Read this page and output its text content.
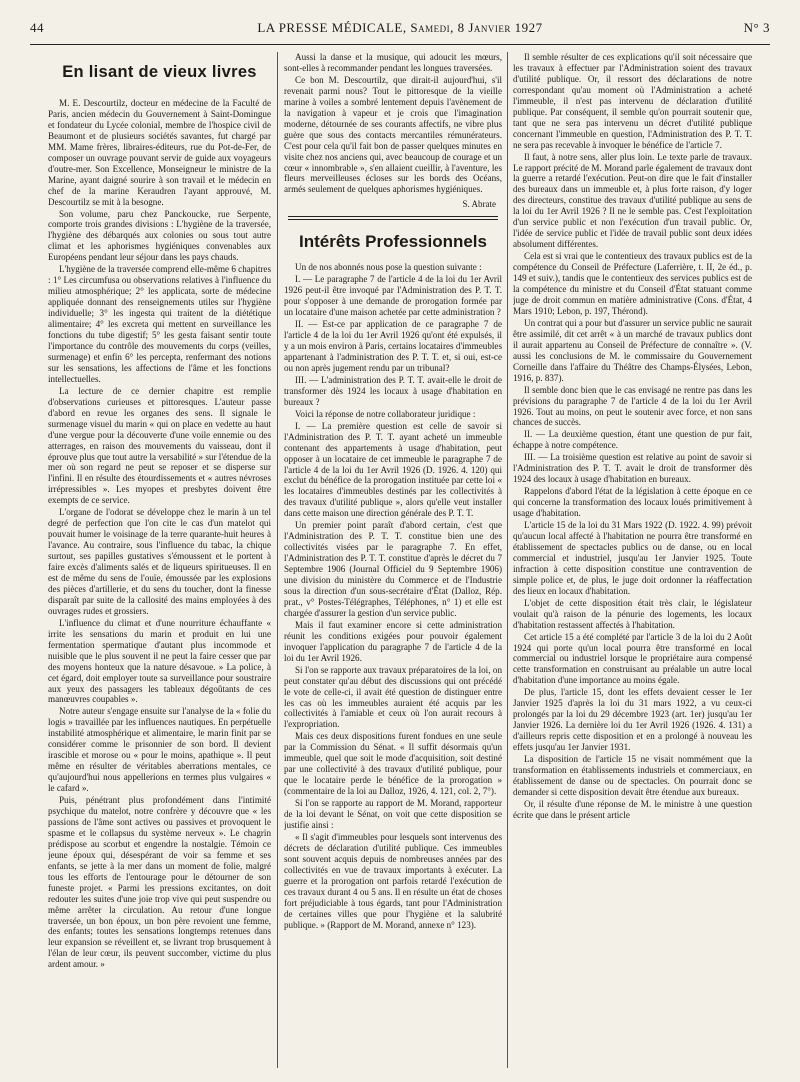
44	LA PRESSE MÉDICALE, Samedi, 8 Janvier 1927	N° 3
En lisant de vieux livres

M. E. Descourtilz, docteur en médecine de la Faculté de Paris, ancien médecin du Gouvernement à Saint-Domingue et fondateur du Lycée colonial, membre de l'hospice civil de Beaumont et de plusieurs sociétés savantes, fut chargé par MM. Mame frères, libraires-éditeurs, rue du Pot-de-Fer, de composer un ouvrage pouvant servir de guide aux voyageurs d'outre-mer. Son Excellence, Monseigneur le ministre de la Marine, ayant daigné sourire à son travail et le médecin en chef de la marine Keraudren l'ayant approuvé, M. Descourtilz se mit à la besogne.

Son volume, paru chez Panckoucke, rue Serpente, comporte trois grandes divisions : L'hygiène de la traversée, l'hygiène des débarqués aux colonies ou sous tout autre climat et les aphorismes hygiéniques convenables aux Européens pendant leur séjour dans les pays chauds.

L'hygiène de la traversée comprend elle-même 6 chapitres : 1° Les circumfusa ou observations relatives à l'influence du milieu atmosphérique; 2° les applicata, sorte de médecine appliquée donnant des renseignements utiles sur l'hygiène individuelle; 3° les ingesta qui traitent de la diététique alimentaire; 4° les excreta qui mettent en surveillance les fonctions du tube digestif; 5° les gesta faisant sentir toute l'importance du contrôle des mouvements du corps (veilles, surmenage) et enfin 6° les percepta, renfermant des notions sur les sensations, les affections de l'âme et les fonctions intellectuelles.

La lecture de ce dernier chapitre est remplie d'observations curieuses et pittoresques. L'auteur passe d'abord en revue les organes des sens. Il signale le surmenage visuel du marin « qui on place en vedette au haut d'une vergue pour la découverte d'une voile ennemie ou des atterrages, en raison des mouvements du vaisseau, dont il éprouve plus que tout autre la versabilité » sur l'étendue de la mer où son regard ne peut se reposer et se disperse sur l'infini. Il en résulte des étourdissements et « autres névroses irrépressibles ». Les myopes et presbytes doivent être exempts de ce service.

L'organe de l'odorat se développe chez le marin à un tel degré de perfection que l'on cite le cas d'un matelot qui pouvait humer le voisinage de la terre quarante-huit heures à l'avance. Au contraire, sous l'influence du tabac, la chique surtout, ses papilles gustatives s'émoussent et le portent à faire excès d'aliments salés et de liqueurs spiritueuses. Il en est de même du sens de l'ouïe, émoussée par les explosions des pièces d'artillerie, et du sens du toucher, dont la finesse disparaît par suite de la callosité des mains employées à des ouvrages rudes et grossiers.

L'influence du climat et d'une nourriture échauffante « irrite les sensations du marin et produit en lui une fermentation spermatique d'autant plus incommode et nuisible que le plus souvent il ne peut la faire cesser que par des moyens honteux que la nature désavoue. » La police, à cet égard, doit employer toute sa surveillance pour soustraire aux yeux des passagers les tableaux dégoûtants de ces manœuvres coupables ».

Notre auteur s'engage ensuite sur l'analyse de la « folie du logis » travaillée par les influences nautiques. En perpétuelle instabilité atmosphérique et alimentaire, le marin finit par se considérer comme le prisonnier de son bord. Il devient irascible et morose ou « pour le moins, apathique ». Il peut même en résulter de véritables aberrations mentales, ce qu'aujourd'hui nous appellerions en termes plus vulgaires « le cafard ».

Puis, pénétrant plus profondément dans l'intimité psychique du matelot, notre confrère y découvre que « les passions de l'âme sont actives ou passives et provoquent le spasme et le collapsus du système nerveux ». Le chagrin prédispose au scorbut et engendre la nostalgie. Témoin ce jeune époux qui, désespérant de voir sa femme et ses enfants, se jette à la mer dans un moment de folie, malgré tous les efforts de l'entourage pour le détourner de son funeste projet. « Parmi les pressions excitantes, on doit redouter les suites d'une joie trop vive qui peut suspendre ou même arrêter la circulation. Au retour d'une longue traversée, un bon époux, un bon père revoient une femme, des enfants; toutes les sensations longtemps retenues dans leur expansion se réveillent et, se livrant trop brusquement à l'élan de leur cœur, ils peuvent succomber, victime du plus ardent amour. »

Aussi la danse et la musique, qui adoucit les mœurs, sont-elles à recommander pendant les longues traversées.

Ce bon M. Descourtilz, que dirait-il aujourd'hui, s'il revenait parmi nous? Tout le pittoresque de la vieille marine à voiles a sombré lentement depuis l'avènement de la navigation à vapeur et je crois que l'imagination moderne, détournée de ses courants affectifs, ne vibre plus guère que sous des contacts mercantiles rémunérateurs. C'est pour cela qu'il fait bon de passer quelques minutes en visite chez nos anciens qui, avec beaucoup de courage et un cœur « innombrable », s'en allaient cueillir, à l'aventure, les fleurs merveilleuses écloses sur les bords des Océans, armés seulement de quelques aphorismes hygiéniques.

S. Abrate
Intérêts Professionnels

Un de nos abonnés nous pose la question suivante :

I. — Le paragraphe 7 de l'article 4 de la loi du 1er Avril 1926 peut-il être invoqué par l'Administration des P. T. T. pour s'opposer à une demande de prorogation formée par un locataire d'une maison achetée par cette administration ?

II. — Est-ce par application de ce paragraphe 7 de l'article 4 de la loi du 1er Avril 1926 qu'ont été expulsés, il y a un mois environ à Paris, certains locataires d'immeubles appartenant à l'administration des P. T. T. et, si oui, est-ce ou non après jugement rendu par un tribunal?

III. — L'administration des P. T. T. avait-elle le droit de transformer dès 1924 les locaux à usage d'habitation en bureaux ?

Voici la réponse de notre collaborateur juridique :

I. — La première question est celle de savoir si l'Administration des P. T. T. ayant acheté un immeuble contenant des appartements à usage d'habitation, peut opposer à un locataire de cet immeuble le paragraphe 7 de l'article 4 de la loi du 1er Avril 1926 (D. 1926. 4. 120) qui exclut du bénéfice de la prorogation instituée par cette loi « les locataires d'immeubles destinés par les collectivités à des travaux d'utilité publique », alors qu'elle veut installer dans cette maison une direction générale des P. T. T.

Un premier point paraît d'abord certain, c'est que l'Administration des P. T. T. constitue bien une des collectivités visées par le paragraphe 7. En effet, l'Administration des P. T. T. constitue d'après le décret du 7 Septembre 1906 (Journal Officiel du 9 Septembre 1906) une division du ministère du Commerce et de l'Industrie sous la direction d'un sous-secrétaire d'État (Dalloz, Rép. prat., v° Postes-Télégraphes, Téléphones, n° 1) et elle est chargée d'assurer la gestion d'un service public.

Mais il faut examiner encore si cette administration réunit les conditions exigées pour pouvoir également invoquer l'application du paragraphe 7 de l'article 4 de la loi du 1er Avril 1926.

Si l'on se rapporte aux travaux préparatoires de la loi, on peut constater qu'au début des discussions qui ont précédé le vote de celle-ci, il avait été question de distinguer entre les cas où les immeubles auraient été acquis par les collectivités à l'amiable et ceux où l'on aurait recours à l'expropriation.

Mais ces deux dispositions furent fondues en une seule par la Commission du Sénat. « Il suffit désormais qu'un immeuble, quel que soit le mode d'acquisition, soit destiné par une collectivité à des travaux d'utilité publique, pour que le locataire perde le bénéfice de la prorogation » (commentaire de la loi au Dalloz, 1926, 4. 121, col. 2, 7°).

Si l'on se rapporte au rapport de M. Morand, rapporteur de la loi devant le Sénat, on voit que cette disposition se justifie ainsi :

« Il s'agit d'immeubles pour lesquels sont intervenus des décrets de déclaration d'utilité publique. Ces immeubles sont souvent acquis depuis de nombreuses années par des collectivités en vue de travaux importants à exécuter. La guerre et la prorogation ont parfois retardé l'exécution de ces travaux durant 4 ou 5 ans. Il en résulte un état de choses fort préjudiciable à tous égards, tant pour l'Administration de certaines villes que pour l'hygiène et la salubrité publique. » (Rapport de M. Morand, annexe n° 123).

Il semble résulter de ces explications qu'il soit nécessaire que les travaux à effectuer par l'Administration soient des travaux d'utilité publique. Or, il ressort des déclarations de notre correspondant qu'au moment où l'Administration a acheté l'immeuble, il n'est pas intervenu de déclaration d'utilité publique. Par conséquent, il semble qu'on pourrait soutenir que, tant que ne sera pas intervenu un décret d'utilité publique concernant l'immeuble en question, l'Administration des P. T. T. ne sera pas recevable à invoquer le bénéfice de l'article 7.

Il faut, à notre sens, aller plus loin. Le texte parle de travaux. Le rapport précité de M. Morand parle également de travaux dont la guerre a retardé l'exécution. Peut-on dire que le fait d'installer des bureaux dans un immeuble et, à plus forte raison, d'y loger des directeurs, constitue des travaux d'utilité publique au sens de la loi du 1er Avril 1926 ? Il ne le semble pas. C'est l'exploitation d'un service public et non l'exécution d'un travail public. Or, l'idée de service public et l'idée de travail public sont deux idées absolument différentes.

Cela est si vrai que le contentieux des travaux publics est de la compétence du Conseil de Préfecture (Laferrière, t. II, 2e éd., p. 149 et suiv.), tandis que le contentieux des services publics est de la compétence du ministre et du Conseil d'État statuant comme juge de droit commun en matière administrative (Cons. d'État, 4 Mars 1910; Lebon, p. 197, Thérond).

Un contrat qui a pour but d'assurer un service public ne saurait être assimilé, dit cet arrêt « à un marché de travaux publics dont il aurait appartenu au Conseil de Préfecture de connaître ». (V. aussi les conclusions de M. le commissaire du Gouvernement Corneille dans l'affaire du Théâtre des Champs-Élysées, Lebon, 1916, p. 837).

Il semble donc bien que le cas envisagé ne rentre pas dans les prévisions du paragraphe 7 de l'article 4 de la loi du 1er Avril 1926. Tout au moins, on peut le soutenir avec force, et non sans chances de succès.

II. — La deuxième question, étant une question de pur fait, échappe à notre compétence.

III. — La troisième question est relative au point de savoir si l'Administration des P. T. T. avait le droit de transformer dès 1924 des locaux à usage d'habitation en bureaux.

Rappelons d'abord l'état de la législation à cette époque en ce qui concerne la transformation des locaux loués primitivement à usage d'habitation.

L'article 15 de la loi du 31 Mars 1922 (D. 1922. 4. 99) prévoit qu'aucun local affecté à l'habitation ne pourra être transformé en établissement de spectacles publics ou de danse, ou en local commercial et industriel, jusqu'au 1er Janvier 1925. Toute infraction à cette disposition constitue une contravention de simple police et, de plus, le juge doit ordonner la réaffectation des lieux en locaux d'habitation.

L'objet de cette disposition était très clair, le législateur voulait qu'à raison de la pénurie des logements, les locaux d'habitation restassent affectés à l'habitation.

Cet article 15 a été complété par l'article 3 de la loi du 2 Août 1924 qui porte qu'un local pourra être transformé en local commercial ou industriel lorsque le propriétaire aura compensé cette transformation en construisant au préalable un autre local d'habitation d'une importance au moins égale.

De plus, l'article 15, dont les effets devaient cesser le 1er Janvier 1925 d'après la loi du 31 mars 1922, a vu ceux-ci prolongés par la loi du 29 décembre 1923 (art. 1er) jusqu'au 1er Janvier 1926. La dernière loi du 1er Avril 1926 (1926. 4. 131) a d'ailleurs repris cette disposition et en a prolongé à nouveau les effets jusqu'au 1er Janvier 1931.

La disposition de l'article 15 ne visait nommément que la transformation en établissements industriels et commerciaux, en établissement de danse ou de spectacles. On pourrait donc se demander si cette disposition devait être étendue aux bureaux.

Or, il résulte d'une réponse de M. le ministre à une question écrite que dans le présent article
